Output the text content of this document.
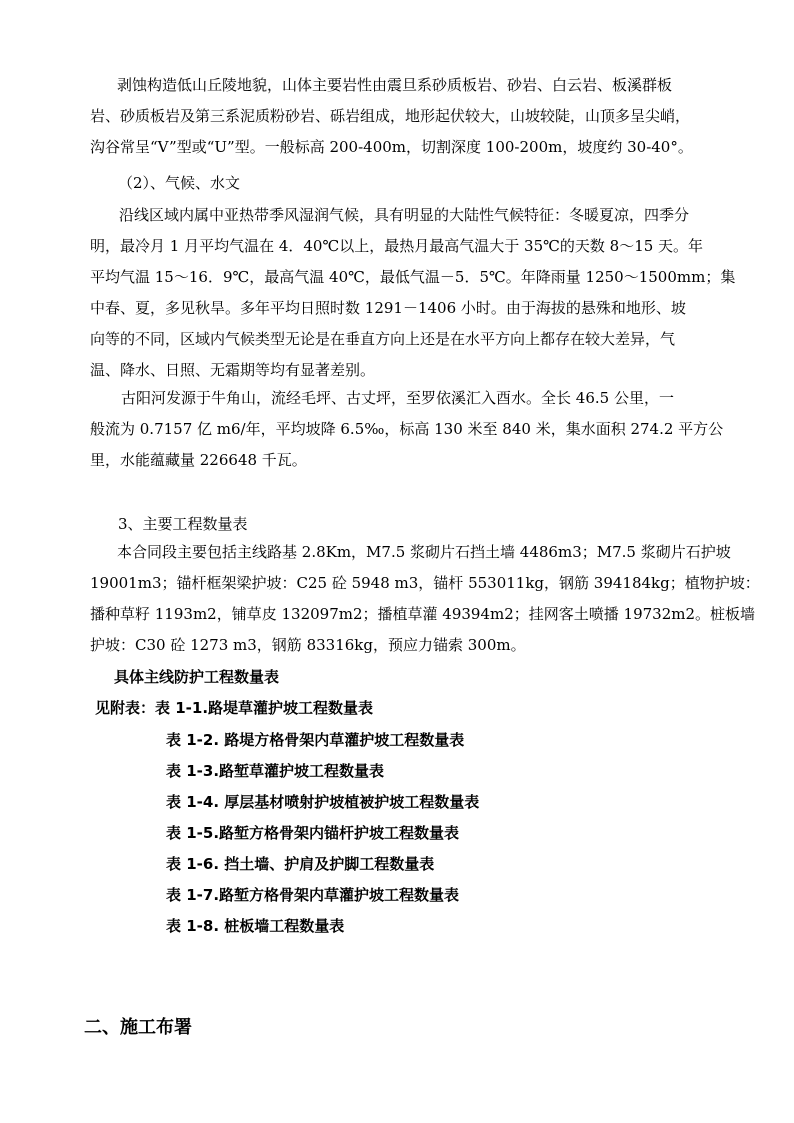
剥蚀构造低山丘陵地貌，山体主要岩性由震旦系砂质板岩、砂岩、白云岩、板溪群板
岩、砂质板岩及第三系泥质粉砂岩、砾岩组成，地形起伏较大，山坡较陡，山顶多呈尖峭，
沟谷常呈“V”型或“U”型。一般标高 200-400m，切割深度 100-200m，坡度约 30-40°。

（2）、气候、水文

沿线区域内属中亚热带季风湿润气候，具有明显的大陆性气候特征：冬暖夏凉，四季分
明，最冷月 1 月平均气温在 4．40℃以上，最热月最高气温大于 35℃的天数 8～15 天。年
平均气温 15～16．9℃，最高气温 40℃，最低气温－5．5℃。年降雨量 1250～1500mm；集
中春、夏，多见秋旱。多年平均日照时数 1291－1406 小时。由于海拔的悬殊和地形、坡
向等的不同，区域内气候类型无论是在垂直方向上还是在水平方向上都存在较大差异，气
温、降水、日照、无霜期等均有显著差别。
古阳河发源于牛角山，流经毛坪、古丈坪，至罗依溪汇入酉水。全长 46.5 公里，一
般流为 0.7157 亿 m6/年，平均坡降 6.5‰，标高 130 米至 840 米，集水面积 274.2 平方公
里，水能蕴藏量 226648 千瓦。

3、主要工程数量表

本合同段主要包括主线路基 2.8Km，M7.5 浆砌片石挡土墙 4486m3；M7.5 浆砌片石护坡
19001m3；锚杆框架梁护坡：C25 砼 5948 m3，锚杆 553011kg，钢筋 394184kg；植物护坡：
播种草籽 1193m2，铺草皮 132097m2；播植草灌 49394m2；挂网客土喷播 19732m2。桩板墙
护坡：C30 砼 1273 m3，钢筋 83316kg，预应力锚索 300m。

具体主线防护工程数量表

见附表：表 1-1.路堤草灌护坡工程数量表

表 1-2. 路堤方格骨架内草灌护坡工程数量表

表 1-3.路堑草灌护坡工程数量表

表 1-4. 厚层基材喷射护坡植被护坡工程数量表

表 1-5.路堑方格骨架内锚杆护坡工程数量表

表 1-6. 挡土墙、护肩及护脚工程数量表

表 1-7.路堑方格骨架内草灌护坡工程数量表

表 1-8. 桩板墙工程数量表

二、施工布署
